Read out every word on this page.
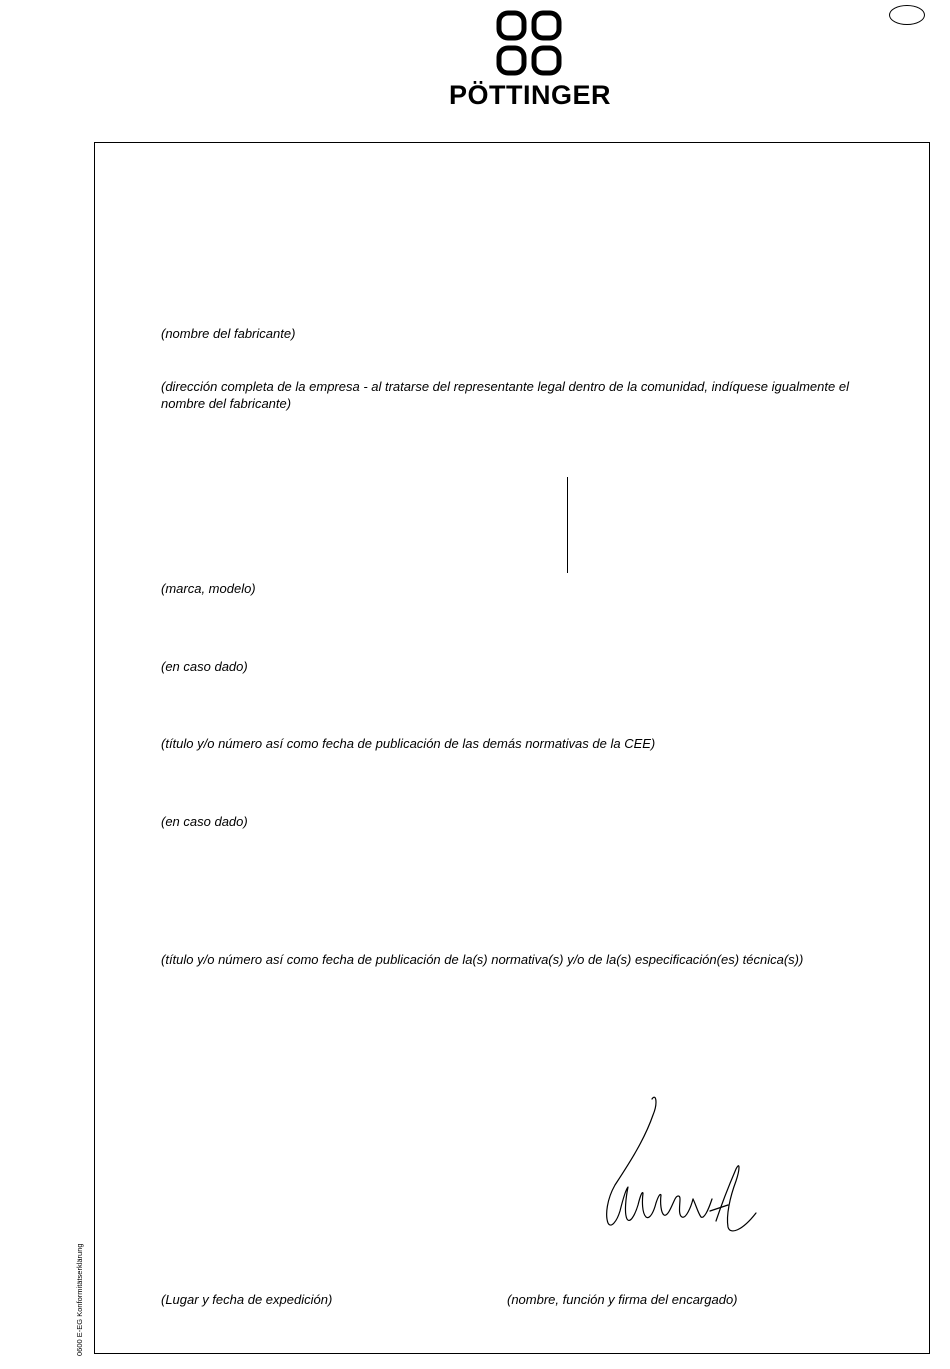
PÖTTINGER
(nombre del fabricante)
(dirección completa de la empresa - al tratarse del representante legal dentro de la comunidad, indíquese igualmente el nombre del fabricante)
(marca, modelo)
(en caso dado)
(título y/o número así como fecha de publicación de las demás normativas de la CEE)
(en caso dado)
(título y/o número así como fecha de publicación de la(s) normativa(s) y/o de la(s) especificación(es) técnica(s))
(Lugar y fecha de expedición)	(nombre, función y firma del encargado)
0600 E-EG Konformitätserklärung
